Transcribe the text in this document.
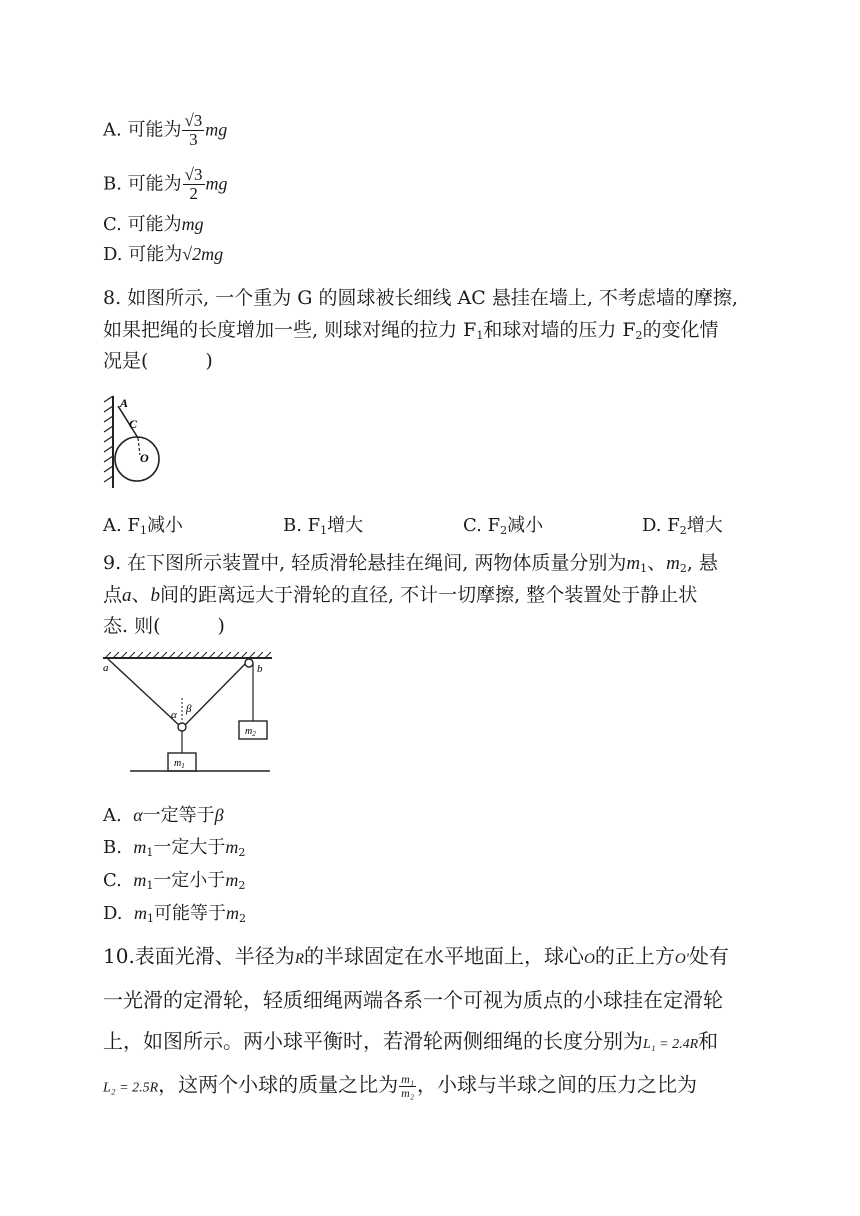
A. 可能为 $\frac{√3}{3}$ mg
B. 可能为 $\frac{√3}{2}$ mg
C. 可能为mg
D. 可能为√2mg
8. 如图所示, 一个重为 G 的圆球被长细线 AC 悬挂在墙上, 不考虑墙的摩擦,
如果把绳的长度增加一些, 则球对绳的拉力 $F_1$和球对墙的压力 $F_2$的变化情
况是(　　　)
A
C
O
A. $F_1$减小	B. $F_1$增大	C. $F_2$减小	D. $F_2$增大
9. 在下图所示装置中, 轻质滑轮悬挂在绳间, 两物体质量分别为$m_1$、$m_2$, 悬
点a、b间的距离远大于滑轮的直径, 不计一切摩擦, 整个装置处于静止状
态. 则(　　　)
a	b
α β
$m_1$
$m_2$
A. α一定等于β
B. $m_1$一定大于$m_2$
C. $m_1$一定小于$m_2$
D. $m_1$可能等于$m_2$
10.表面光滑、半径为R的半球固定在水平地面上，球心O的正上方O'处有
一光滑的定滑轮，轻质细绳两端各系一个可视为质点的小球挂在定滑轮
上，如图所示。两小球平衡时，若滑轮两侧细绳的长度分别为L₁ = 2.4R和
L₂ = 2.5R，这两个小球的质量之比为 $\frac{\text{m₁}}{\text{m₂}}$ ，小球与半球之间的压力之比为
